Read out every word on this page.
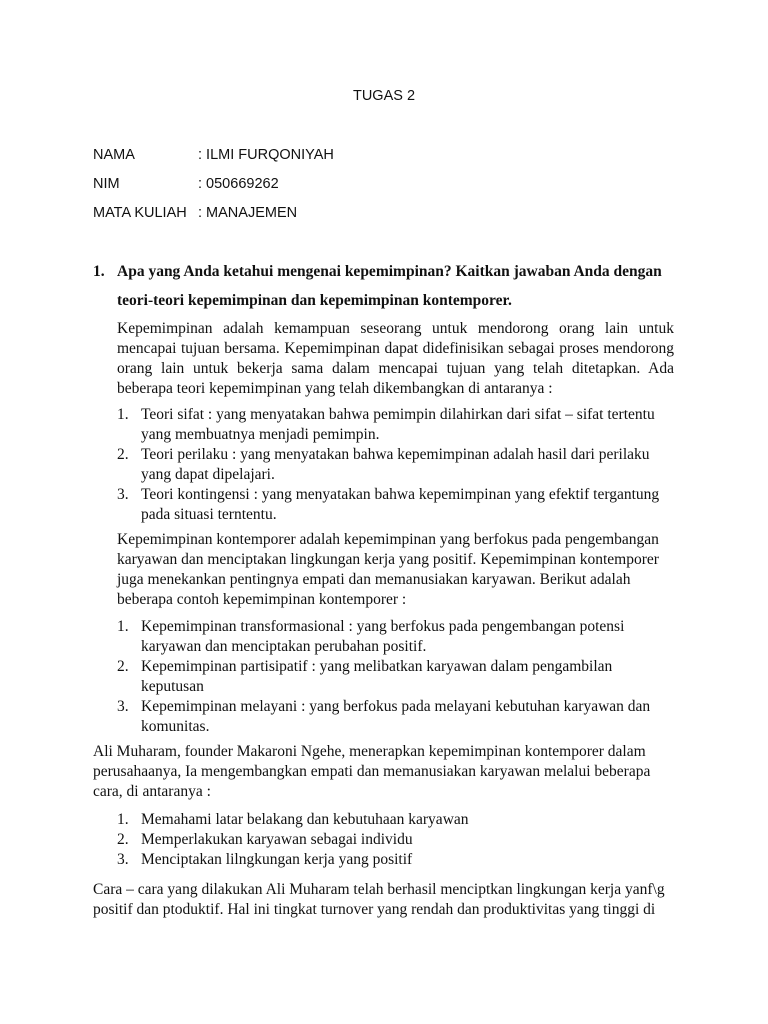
TUGAS 2
NAMA	: ILMI FURQONIYAH
NIM	: 050669262
MATA KULIAH : MANAJEMEN
1. Apa yang Anda ketahui mengenai kepemimpinan? Kaitkan jawaban Anda dengan
teori-teori kepemimpinan dan kepemimpinan kontemporer.

Kepemimpinan adalah kemampuan seseorang untuk mendorong orang lain untuk mencapai tujuan bersama. Kepemimpinan dapat didefinisikan sebagai proses mendorong orang lain untuk bekerja sama dalam mencapai tujuan yang telah ditetapkan. Ada beberapa teori kepemimpinan yang telah dikembangkan di antaranya :

1. Teori sifat : yang menyatakan bahwa pemimpin dilahirkan dari sifat – sifat tertentu yang membuatnya menjadi pemimpin.
2. Teori perilaku : yang menyatakan bahwa kepemimpinan adalah hasil dari perilaku yang dapat dipelajari.
3. Teori kontingensi : yang menyatakan bahwa kepemimpinan yang efektif tergantung pada situasi terntentu.

Kepemimpinan kontemporer adalah kepemimpinan yang berfokus pada pengembangan karyawan dan menciptakan lingkungan kerja yang positif. Kepemimpinan kontemporer juga menekankan pentingnya empati dan memanusiakan karyawan. Berikut adalah beberapa contoh kepemimpinan kontemporer :

1. Kepemimpinan transformasional : yang berfokus pada pengembangan potensi karyawan dan menciptakan perubahan positif.
2. Kepemimpinan partisipatif : yang melibatkan karyawan dalam pengambilan keputusan
3. Kepemimpinan melayani : yang berfokus pada melayani kebutuhan karyawan dan komunitas.

Ali Muharam, founder Makaroni Ngehe, menerapkan kepemimpinan kontemporer dalam perusahaanya, Ia mengembangkan empati dan memanusiakan karyawan melalui beberapa cara, di antaranya :

1. Memahami latar belakang dan kebutuhaan karyawan
2. Memperlakukan karyawan sebagai individu
3. Menciptakan lilngkungan kerja yang positif

Cara – cara yang dilakukan Ali Muharam telah berhasil menciptkan lingkungan kerja yanf\g positif dan ptoduktif. Hal ini tingkat turnover yang rendah dan produktivitas yang tinggi di
